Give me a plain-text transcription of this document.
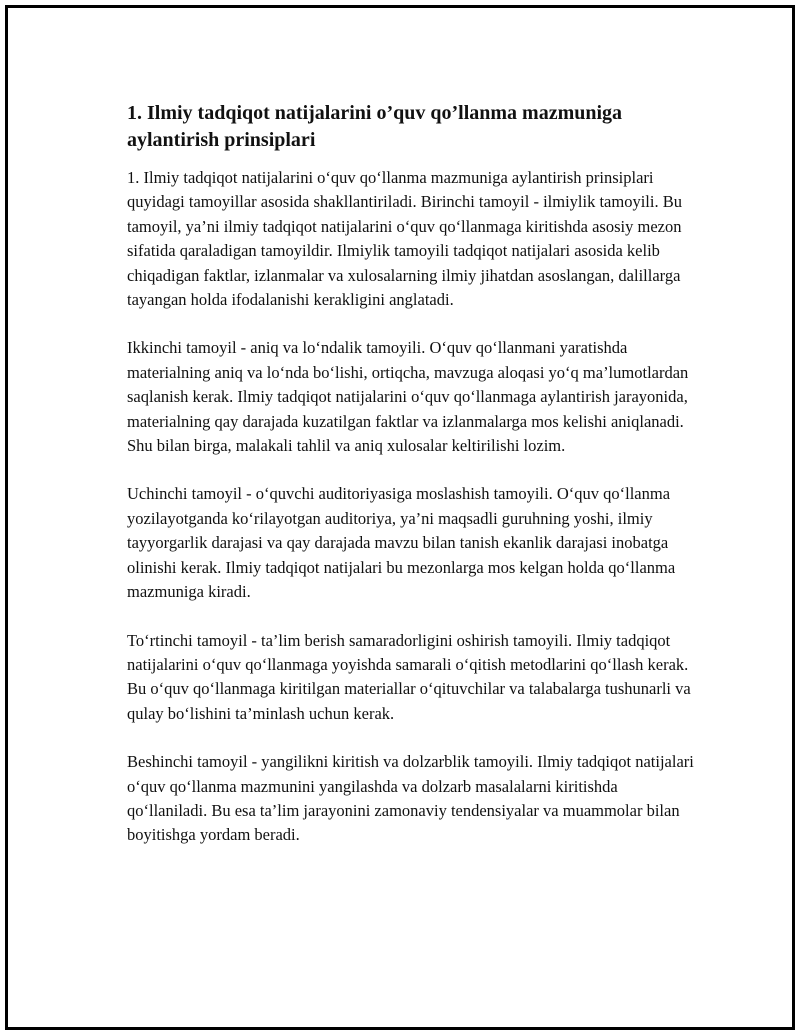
1. Ilmiy tadqiqot natijalarini o’quv qo’llanma mazmuniga aylantirish prinsiplari

1. Ilmiy tadqiqot natijalarini o‘quv qo‘llanma mazmuniga aylantirish prinsiplari quyidagi tamoyillar asosida shakllantiriladi. Birinchi tamoyil - ilmiylik tamoyili. Bu tamoyil, ya’ni ilmiy tadqiqot natijalarini o‘quv qo‘llanmaga kiritishda asosiy mezon sifatida qaraladigan tamoyildir. Ilmiylik tamoyili tadqiqot natijalari asosida kelib chiqadigan faktlar, izlanmalar va xulosalarning ilmiy jihatdan asoslangan, dalillarga tayangan holda ifodalanishi kerakligini anglatadi.

Ikkinchi tamoyil - aniq va lo‘ndalik tamoyili. O‘quv qo‘llanmani yaratishda materialning aniq va lo‘nda bo‘lishi, ortiqcha, mavzuga aloqasi yo‘q ma’lumotlardan saqlanish kerak. Ilmiy tadqiqot natijalarini o‘quv qo‘llanmaga aylantirish jarayonida, materialning qay darajada kuzatilgan faktlar va izlanmalarga mos kelishi aniqlanadi. Shu bilan birga, malakali tahlil va aniq xulosalar keltirilishi lozim.

Uchinchi tamoyil - o‘quvchi auditoriyasiga moslashish tamoyili. O‘quv qo‘llanma yozilayotganda ko‘rilayotgan auditoriya, ya’ni maqsadli guruhning yoshi, ilmiy tayyorgarlik darajasi va qay darajada mavzu bilan tanish ekanlik darajasi inobatga olinishi kerak. Ilmiy tadqiqot natijalari bu mezonlarga mos kelgan holda qo‘llanma mazmuniga kiradi.

To‘rtinchi tamoyil - ta’lim berish samaradorligini oshirish tamoyili. Ilmiy tadqiqot natijalarini o‘quv qo‘llanmaga yoyishda samarali o‘qitish metodlarini qo‘llash kerak. Bu o‘quv qo‘llanmaga kiritilgan materiallar o‘qituvchilar va talabalarga tushunarli va qulay bo‘lishini ta’minlash uchun kerak.

Beshinchi tamoyil - yangilikni kiritish va dolzarblik tamoyili. Ilmiy tadqiqot natijalari o‘quv qo‘llanma mazmunini yangilashda va dolzarb masalalarni kiritishda qo‘llaniladi. Bu esa ta’lim jarayonini zamonaviy tendensiyalar va muammolar bilan boyitishga yordam beradi.
